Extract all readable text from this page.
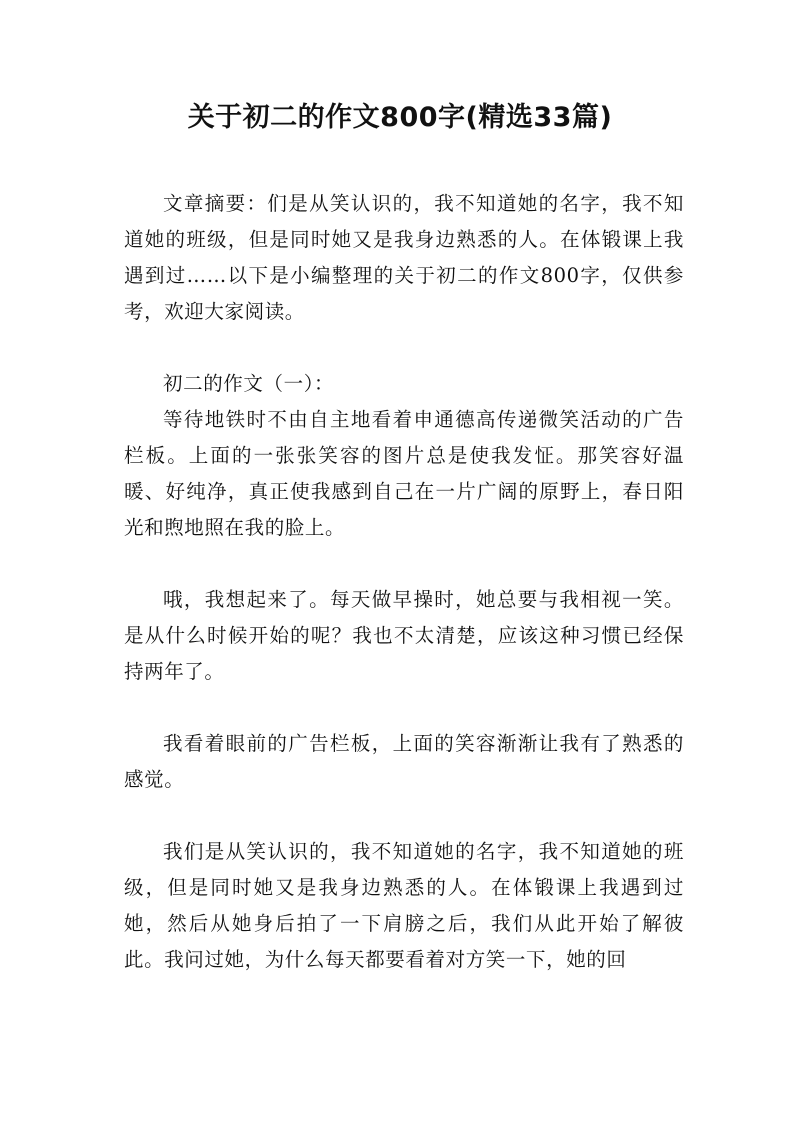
关于初二的作文800字(精选33篇)

文章摘要：们是从笑认识的，我不知道她的名字，我不知道她的班级，但是同时她又是我身边熟悉的人。在体锻课上我遇到过……以下是小编整理的关于初二的作文800字，仅供参考，欢迎大家阅读。

初二的作文（一）：

等待地铁时不由自主地看着申通德高传递微笑活动的广告栏板。上面的一张张笑容的图片总是使我发怔。那笑容好温暖、好纯净，真正使我感到自己在一片广阔的原野上，春日阳光和煦地照在我的脸上。

哦，我想起来了。每天做早操时，她总要与我相视一笑。是从什么时候开始的呢？我也不太清楚，应该这种习惯已经保持两年了。

我看着眼前的广告栏板，上面的笑容渐渐让我有了熟悉的感觉。

我们是从笑认识的，我不知道她的名字，我不知道她的班级，但是同时她又是我身边熟悉的人。在体锻课上我遇到过她，然后从她身后拍了一下肩膀之后，我们从此开始了解彼此。我问过她，为什么每天都要看着对方笑一下，她的回
